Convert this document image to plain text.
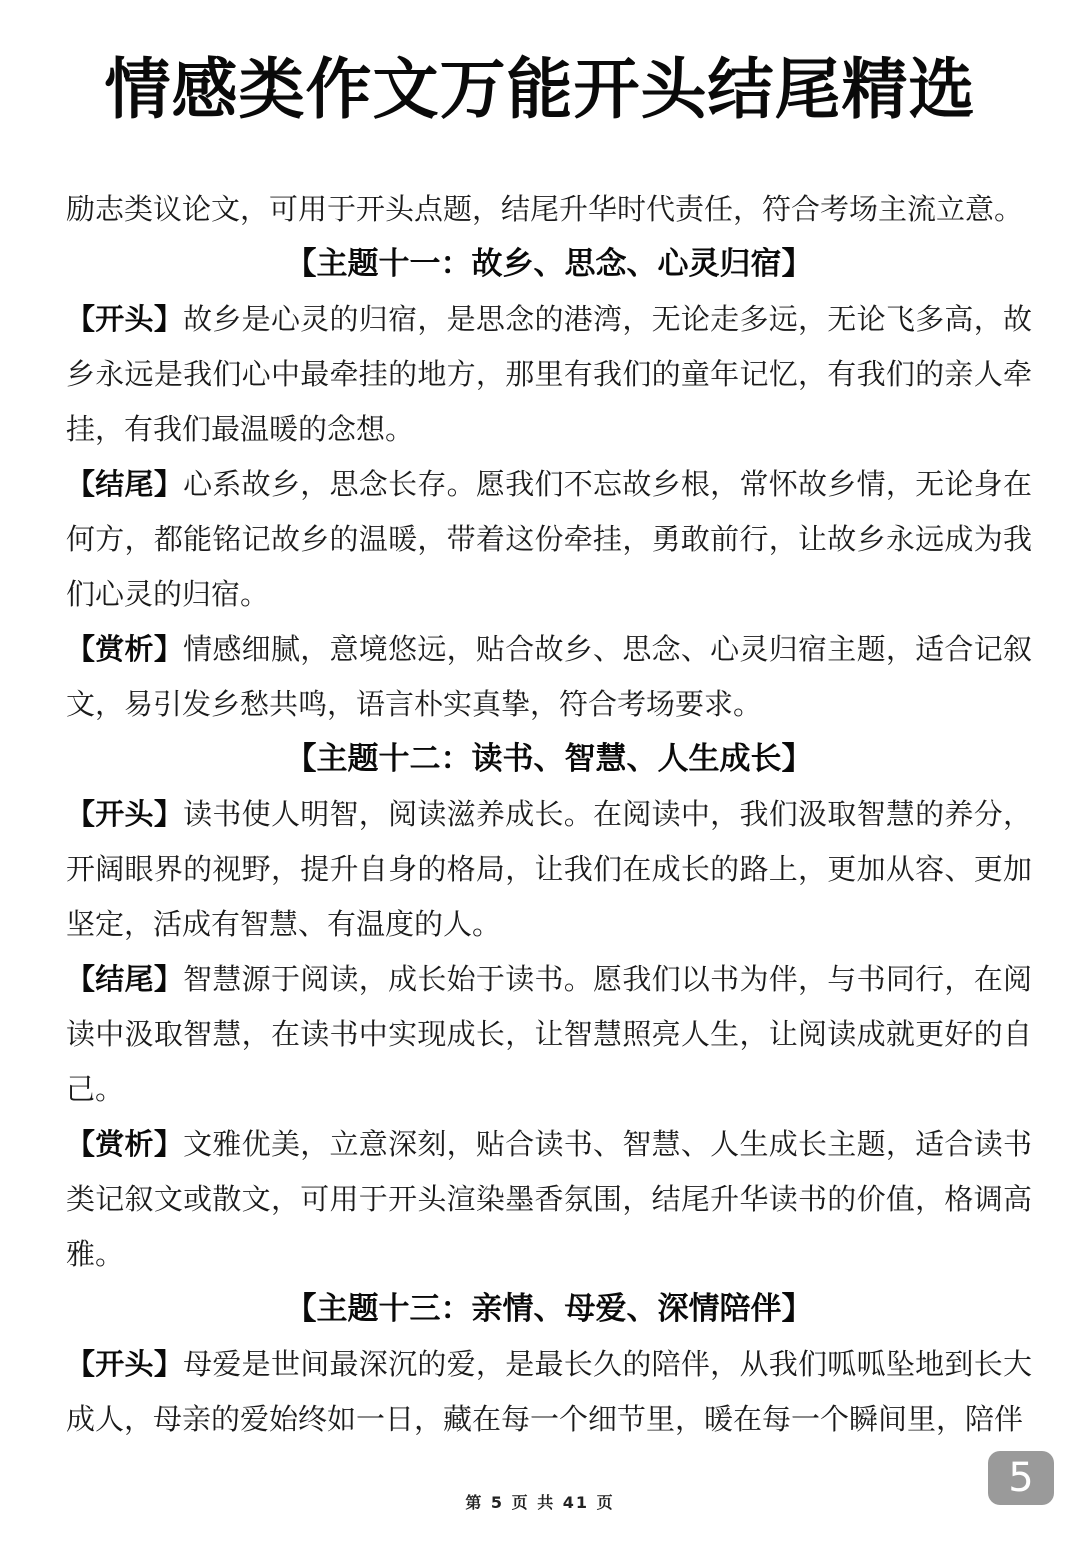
情感类作文万能开头结尾精选

励志类议论文，可用于开头点题，结尾升华时代责任，符合考场主流立意。

【主题十一：故乡、思念、心灵归宿】

【开头】故乡是心灵的归宿，是思念的港湾，无论走多远，无论飞多高，故乡永远是我们心中最牵挂的地方，那里有我们的童年记忆，有我们的亲人牵挂，有我们最温暖的念想。

【结尾】心系故乡，思念长存。愿我们不忘故乡根，常怀故乡情，无论身在何方，都能铭记故乡的温暖，带着这份牵挂，勇敢前行，让故乡永远成为我们心灵的归宿。

【赏析】情感细腻，意境悠远，贴合故乡、思念、心灵归宿主题，适合记叙文，易引发乡愁共鸣，语言朴实真挚，符合考场要求。

【主题十二：读书、智慧、人生成长】

【开头】读书使人明智，阅读滋养成长。在阅读中，我们汲取智慧的养分，开阔眼界的视野，提升自身的格局，让我们在成长的路上，更加从容、更加坚定，活成有智慧、有温度的人。

【结尾】智慧源于阅读，成长始于读书。愿我们以书为伴，与书同行，在阅读中汲取智慧，在读书中实现成长，让智慧照亮人生，让阅读成就更好的自己。

【赏析】文雅优美，立意深刻，贴合读书、智慧、人生成长主题，适合读书类记叙文或散文，可用于开头渲染墨香氛围，结尾升华读书的价值，格调高雅。

【主题十三：亲情、母爱、深情陪伴】

【开头】母爱是世间最深沉的爱，是最长久的陪伴，从我们呱呱坠地到长大成人，母亲的爱始终如一日，藏在每一个细节里，暖在每一个瞬间里，陪伴

5
第 5 页 共 41 页
